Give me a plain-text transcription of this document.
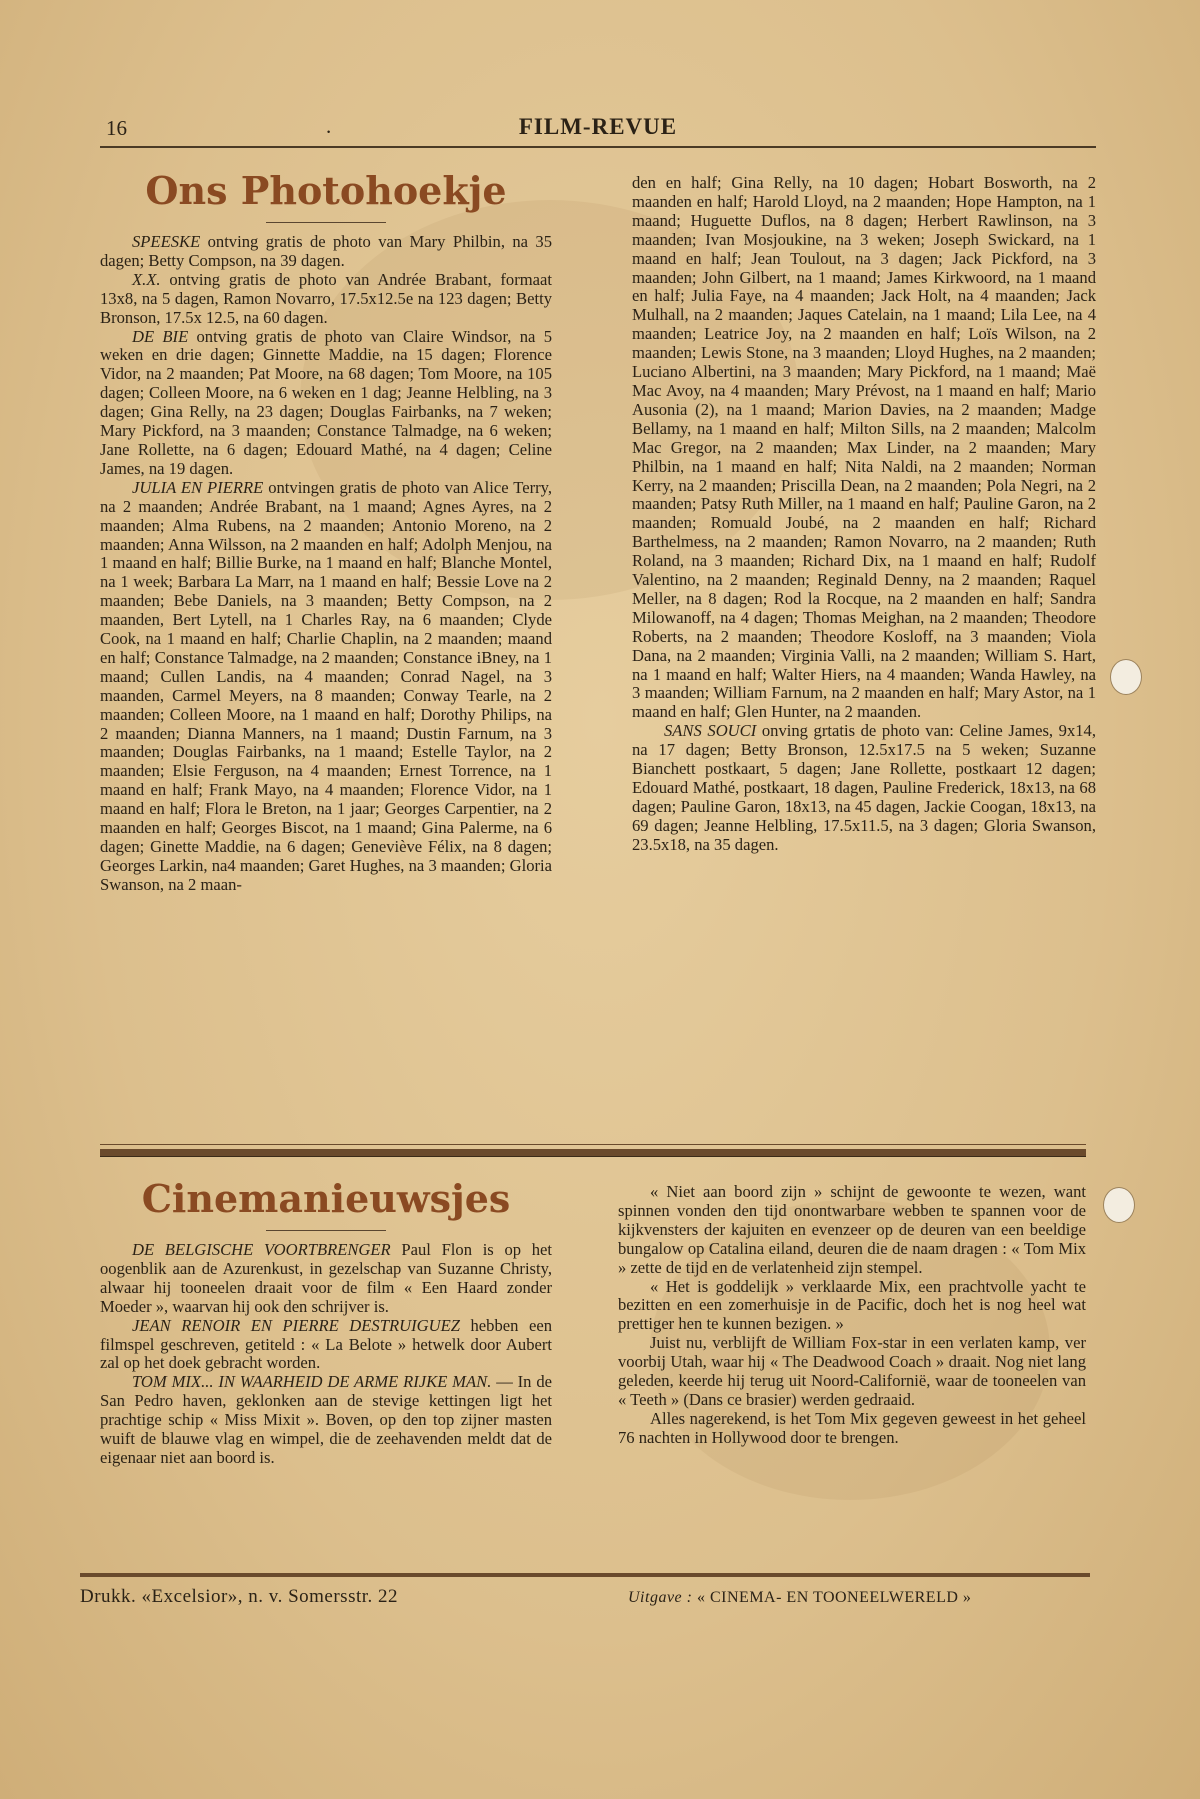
16	.	FILM-REVUE
Ons Photohoekje

SPEESKE ontving gratis de photo van Mary Philbin, na 35 dagen; Betty Compson, na 39 dagen.

X.X. ontving gratis de photo van Andrée Brabant, formaat 13x8, na 5 dagen, Ramon Novarro, 17.5x12.5e na 123 dagen; Betty Bronson, 17.5x 12.5, na 60 dagen.

DE BIE ontving gratis de photo van Claire Windsor, na 5 weken en drie dagen; Ginnette Maddie, na 15 dagen; Florence Vidor, na 2 maanden; Pat Moore, na 68 dagen; Tom Moore, na 105 dagen; Colleen Moore, na 6 weken en 1 dag; Jeanne Helbling, na 3 dagen; Gina Relly, na 23 dagen; Douglas Fairbanks, na 7 weken; Mary Pickford, na 3 maanden; Constance Talmadge, na 6 weken; Jane Rollette, na 6 dagen; Edouard Mathé, na 4 dagen; Celine James, na 19 dagen.

JULIA EN PIERRE ontvingen gratis de photo van Alice Terry, na 2 maanden; Andrée Brabant, na 1 maand; Agnes Ayres, na 2 maanden; Alma Rubens, na 2 maanden; Antonio Moreno, na 2 maanden; Anna Wilsson, na 2 maanden en half; Adolph Menjou, na 1 maand en half; Billie Burke, na 1 maand en half; Blanche Montel, na 1 week; Barbara La Marr, na 1 maand en half; Bessie Love na 2 maanden; Bebe Daniels, na 3 maanden; Betty Compson, na 2 maanden, Bert Lytell, na 1 Charles Ray, na 6 maanden; Clyde Cook, na 1 maand en half; Charlie Chaplin, na 2 maanden; maand en half; Constance Talmadge, na 2 maanden; Constance iBney, na 1 maand; Cullen Landis, na 4 maanden; Conrad Nagel, na 3 maanden, Carmel Meyers, na 8 maanden; Conway Tearle, na 2 maanden; Colleen Moore, na 1 maand en half; Dorothy Philips, na 2 maanden; Dianna Manners, na 1 maand; Dustin Farnum, na 3 maanden; Douglas Fairbanks, na 1 maand; Estelle Taylor, na 2 maanden; Elsie Ferguson, na 4 maanden; Ernest Torrence, na 1 maand en half; Frank Mayo, na 4 maanden; Florence Vidor, na 1 maand en half; Flora le Breton, na 1 jaar; Georges Carpentier, na 2 maanden en half; Georges Biscot, na 1 maand; Gina Palerme, na 6 dagen; Ginette Maddie, na 6 dagen; Geneviève Félix, na 8 dagen; Georges Larkin, na4 maanden; Garet Hughes, na 3 maanden; Gloria Swanson, na 2 maan-

den en half; Gina Relly, na 10 dagen; Hobart Bosworth, na 2 maanden en half; Harold Lloyd, na 2 maanden; Hope Hampton, na 1 maand; Huguette Duflos, na 8 dagen; Herbert Rawlinson, na 3 maanden; Ivan Mosjoukine, na 3 weken; Joseph Swickard, na 1 maand en half; Jean Toulout, na 3 dagen; Jack Pickford, na 3 maanden; John Gilbert, na 1 maand; James Kirkwoord, na 1 maand en half; Julia Faye, na 4 maanden; Jack Holt, na 4 maanden; Jack Mulhall, na 2 maanden; Jaques Catelain, na 1 maand; Lila Lee, na 4 maanden; Leatrice Joy, na 2 maanden en half; Loïs Wilson, na 2 maanden; Lewis Stone, na 3 maanden; Lloyd Hughes, na 2 maanden; Luciano Albertini, na 3 maanden; Mary Pickford, na 1 maand; Maë Mac Avoy, na 4 maanden; Mary Prévost, na 1 maand en half; Mario Ausonia (2), na 1 maand; Marion Davies, na 2 maanden; Madge Bellamy, na 1 maand en half; Milton Sills, na 2 maanden; Malcolm Mac Gregor, na 2 maanden; Max Linder, na 2 maanden; Mary Philbin, na 1 maand en half; Nita Naldi, na 2 maanden; Norman Kerry, na 2 maanden; Priscilla Dean, na 2 maanden; Pola Negri, na 2 maanden; Patsy Ruth Miller, na 1 maand en half; Pauline Garon, na 2 maanden; Romuald Joubé, na 2 maanden en half; Richard Barthelmess, na 2 maanden; Ramon Novarro, na 2 maanden; Ruth Roland, na 3 maanden; Richard Dix, na 1 maand en half; Rudolf Valentino, na 2 maanden; Reginald Denny, na 2 maanden; Raquel Meller, na 8 dagen; Rod la Rocque, na 2 maanden en half; Sandra Milowanoff, na 4 dagen; Thomas Meighan, na 2 maanden; Theodore Roberts, na 2 maanden; Theodore Kosloff, na 3 maanden; Viola Dana, na 2 maanden; Virginia Valli, na 2 maanden; William S. Hart, na 1 maand en half; Walter Hiers, na 4 maanden; Wanda Hawley, na 3 maanden; William Farnum, na 2 maanden en half; Mary Astor, na 1 maand en half; Glen Hunter, na 2 maanden.

SANS SOUCI onving grtatis de photo van: Celine James, 9x14, na 17 dagen; Betty Bronson, 12.5x17.5 na 5 weken; Suzanne Bianchett postkaart, 5 dagen; Jane Rollette, postkaart 12 dagen; Edouard Mathé, postkaart, 18 dagen, Pauline Frederick, 18x13, na 68 dagen; Pauline Garon, 18x13, na 45 dagen, Jackie Coogan, 18x13, na 69 dagen; Jeanne Helbling, 17.5x11.5, na 3 dagen; Gloria Swanson, 23.5x18, na 35 dagen.

Cinemanieuwsjes

DE BELGISCHE VOORTBRENGER Paul Flon is op het oogenblik aan de Azurenkust, in gezelschap van Suzanne Christy, alwaar hij tooneelen draait voor de film « Een Haard zonder Moeder », waarvan hij ook den schrijver is.

JEAN RENOIR EN PIERRE DESTRUIGUEZ hebben een filmspel geschreven, getiteld : « La Belote » hetwelk door Aubert zal op het doek gebracht worden.

TOM MIX... IN WAARHEID DE ARME RIJKE MAN. — In de San Pedro haven, geklonken aan de stevige kettingen ligt het prachtige schip « Miss Mixit ». Boven, op den top zijner masten wuift de blauwe vlag en wimpel, die de zeehavenden meldt dat de eigenaar niet aan boord is.

« Niet aan boord zijn » schijnt de gewoonte te wezen, want spinnen vonden den tijd onontwarbare webben te spannen voor de kijkvensters der kajuiten en evenzeer op de deuren van een beeldige bungalow op Catalina eiland, deuren die de naam dragen : « Tom Mix » zette de tijd en de verlatenheid zijn stempel.

« Het is goddelijk » verklaarde Mix, een prachtvolle yacht te bezitten en een zomerhuisje in de Pacific, doch het is nog heel wat prettiger hen te kunnen bezigen. »

Juist nu, verblijft de William Fox-star in een verlaten kamp, ver voorbij Utah, waar hij « The Deadwood Coach » draait. Nog niet lang geleden, keerde hij terug uit Noord-Californië, waar de tooneelen van « Teeth » (Dans ce brasier) werden gedraaid.

Alles nagerekend, is het Tom Mix gegeven geweest in het geheel 76 nachten in Hollywood door te brengen.

Drukk. «Excelsior», n. v. Somersstr. 22	Uitgave : « CINEMA- EN TOONEELWERELD »
